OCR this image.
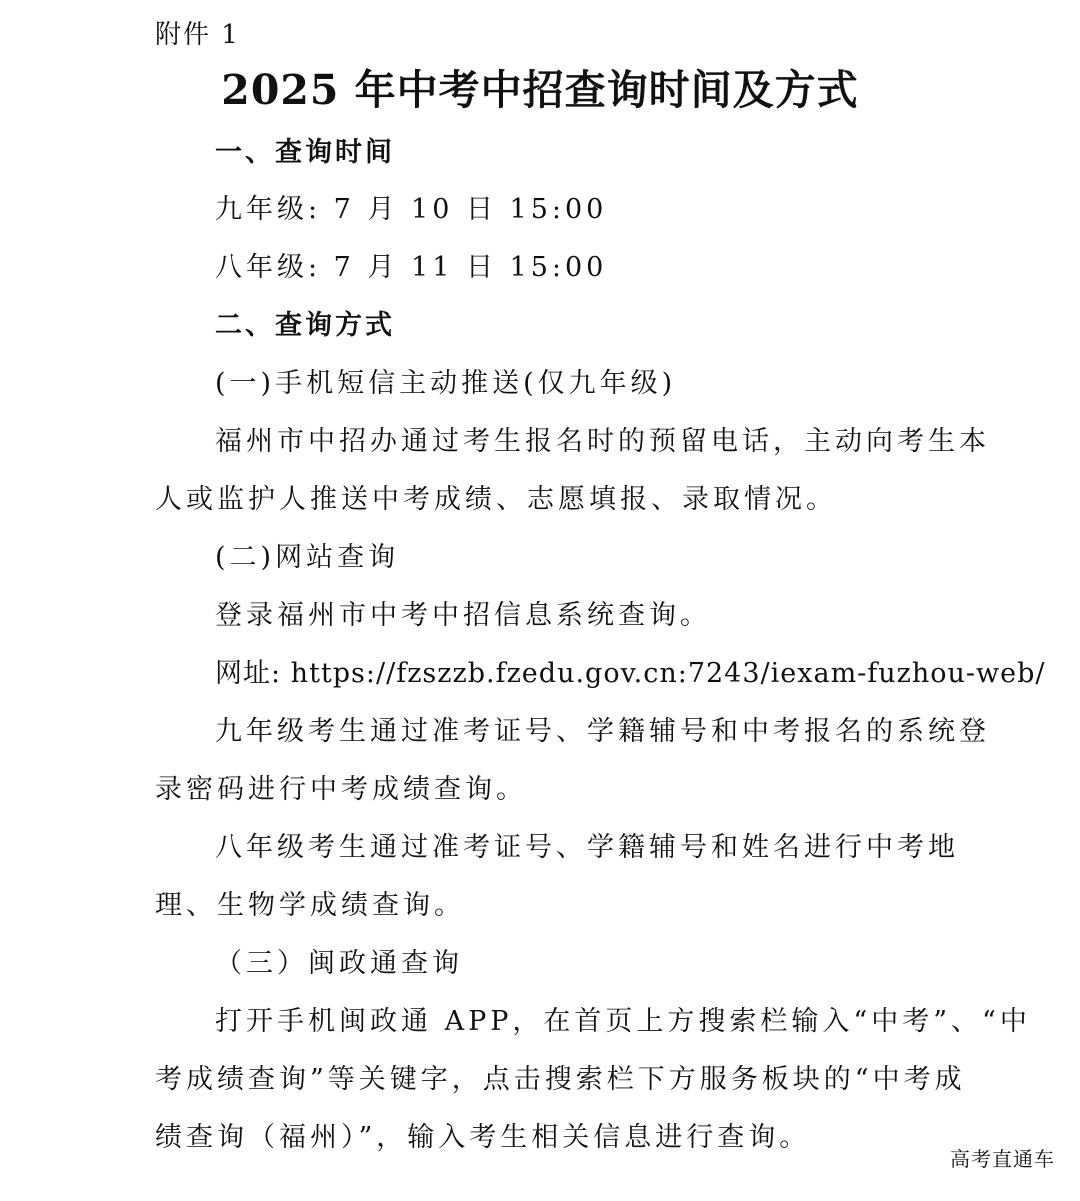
附件 1
2025 年中考中招查询时间及方式
一、查询时间
九年级: 7 月 10 日 15:00
八年级: 7 月 11 日 15:00
二、查询方式
(一)手机短信主动推送(仅九年级)
福州市中招办通过考生报名时的预留电话，主动向考生本
人或监护人推送中考成绩、志愿填报、录取情况。
(二)网站查询
登录福州市中考中招信息系统查询。
网址: https://fzszzb.fzedu.gov.cn:7243/iexam-fuzhou-web/
九年级考生通过准考证号、学籍辅号和中考报名的系统登
录密码进行中考成绩查询。
八年级考生通过准考证号、学籍辅号和姓名进行中考地
理、生物学成绩查询。
（三）闽政通查询
打开手机闽政通 APP，在首页上方搜索栏输入“中考”、“中
考成绩查询”等关键字，点击搜索栏下方服务板块的“中考成
绩查询（福州）”，输入考生相关信息进行查询。
高考直通车
